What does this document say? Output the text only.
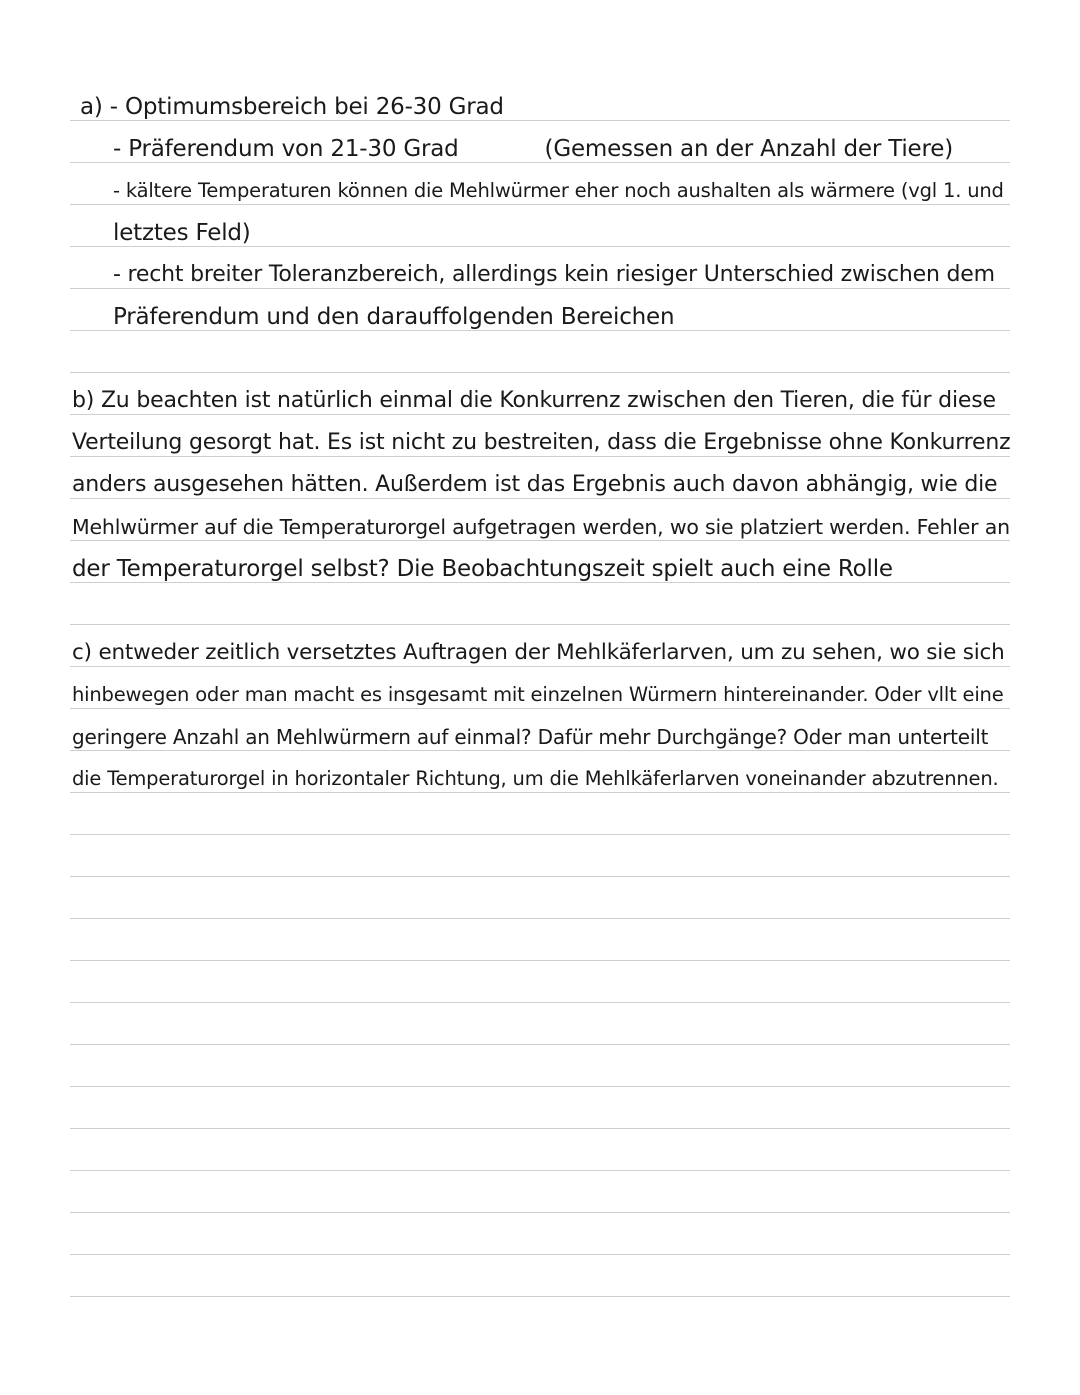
a) - Optimumsbereich bei 26-30 Grad
- Präferendum von 21-30 Grad	(Gemessen an der Anzahl der Tiere)
- kältere Temperaturen können die Mehlwürmer eher noch aushalten als wärmere (vgl 1. und
letztes Feld)
- recht breiter Toleranzbereich, allerdings kein riesiger Unterschied zwischen dem
Präferendum und den darauffolgenden Bereichen
b) Zu beachten ist natürlich einmal die Konkurrenz zwischen den Tieren, die für diese
Verteilung gesorgt hat. Es ist nicht zu bestreiten, dass die Ergebnisse ohne Konkurrenz
anders ausgesehen hätten. Außerdem ist das Ergebnis auch davon abhängig, wie die
Mehlwürmer auf die Temperaturorgel aufgetragen werden, wo sie platziert werden. Fehler an
der Temperaturorgel selbst? Die Beobachtungszeit spielt auch eine Rolle
c) entweder zeitlich versetztes Auftragen der Mehlkäferlarven, um zu sehen, wo sie sich
hinbewegen oder man macht es insgesamt mit einzelnen Würmern hintereinander. Oder vllt eine
geringere Anzahl an Mehlwürmern auf einmal? Dafür mehr Durchgänge? Oder man unterteilt
die Temperaturorgel in horizontaler Richtung, um die Mehlkäferlarven voneinander abzutrennen.
